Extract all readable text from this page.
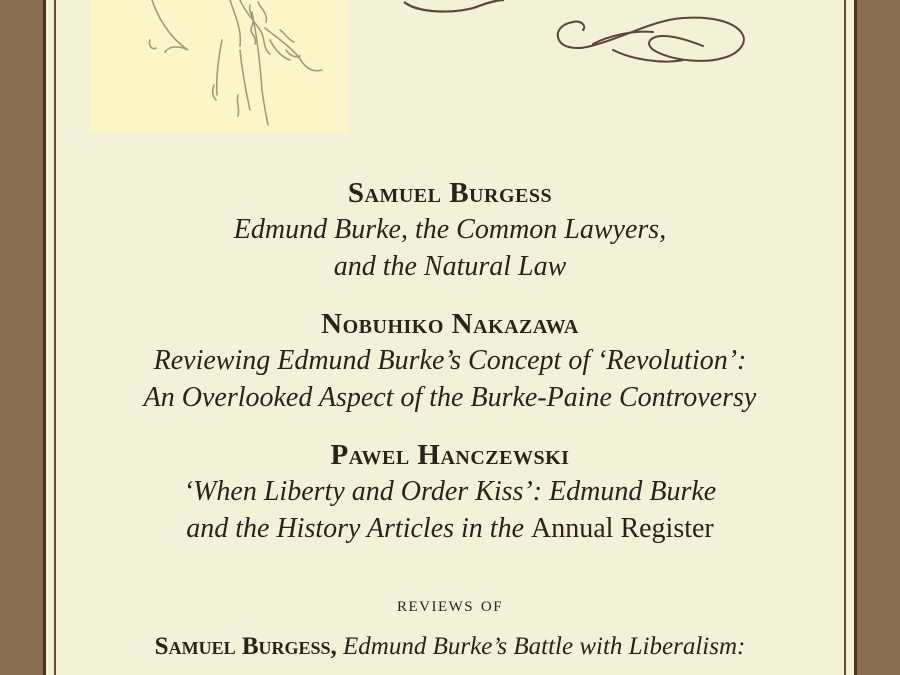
Samuel Burgess
Edmund Burke, the Common Lawyers,
and the Natural Law
Nobuhiko Nakazawa
Reviewing Edmund Burke’s Concept of ‘Revolution’:
An Overlooked Aspect of the Burke-Paine Controversy
Pawel Hanczewski
‘When Liberty and Order Kiss’: Edmund Burke
and the History Articles in the Annual Register
reviews of
Samuel Burgess, Edmund Burke’s Battle with Liberalism:
